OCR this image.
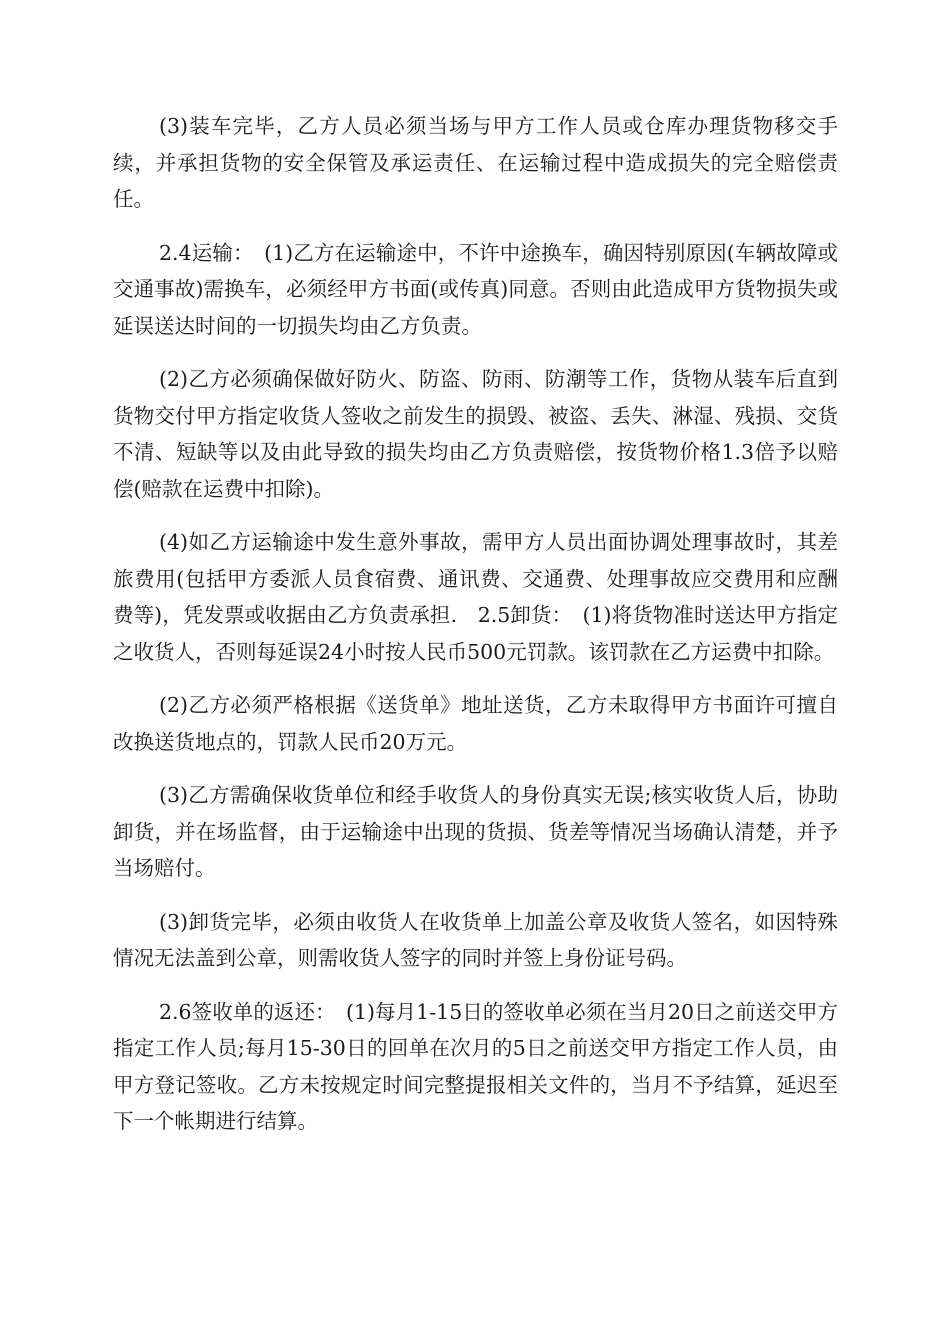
(3)装车完毕，乙方人员必须当场与甲方工作人员或仓库办理货物移交手续，并承担货物的安全保管及承运责任、在运输过程中造成损失的完全赔偿责任。

2.4运输：　(1)乙方在运输途中，不许中途换车，确因特别原因(车辆故障或交通事故)需换车，必须经甲方书面(或传真)同意。否则由此造成甲方货物损失或延误送达时间的一切损失均由乙方负责。

(2)乙方必须确保做好防火、防盗、防雨、防潮等工作，货物从装车后直到货物交付甲方指定收货人签收之前发生的损毁、被盗、丢失、淋湿、残损、交货不清、短缺等以及由此导致的损失均由乙方负责赔偿，按货物价格1.3倍予以赔偿(赔款在运费中扣除)。

(4)如乙方运输途中发生意外事故，需甲方人员出面协调处理事故时，其差旅费用(包括甲方委派人员食宿费、通讯费、交通费、处理事故应交费用和应酬费等)，凭发票或收据由乙方负责承担.　2.5卸货：　(1)将货物准时送达甲方指定之收货人，否则每延误24小时按人民币500元罚款。该罚款在乙方运费中扣除。

(2)乙方必须严格根据《送货单》地址送货，乙方未取得甲方书面许可擅自改换送货地点的，罚款人民币20万元。

(3)乙方需确保收货单位和经手收货人的身份真实无误;核实收货人后，协助卸货，并在场监督，由于运输途中出现的货损、货差等情况当场确认清楚，并予当场赔付。

(3)卸货完毕，必须由收货人在收货单上加盖公章及收货人签名，如因特殊情况无法盖到公章，则需收货人签字的同时并签上身份证号码。

2.6签收单的返还：　(1)每月1-15日的签收单必须在当月20日之前送交甲方指定工作人员;每月15-30日的回单在次月的5日之前送交甲方指定工作人员，由甲方登记签收。乙方未按规定时间完整提报相关文件的，当月不予结算，延迟至下一个帐期进行结算。
